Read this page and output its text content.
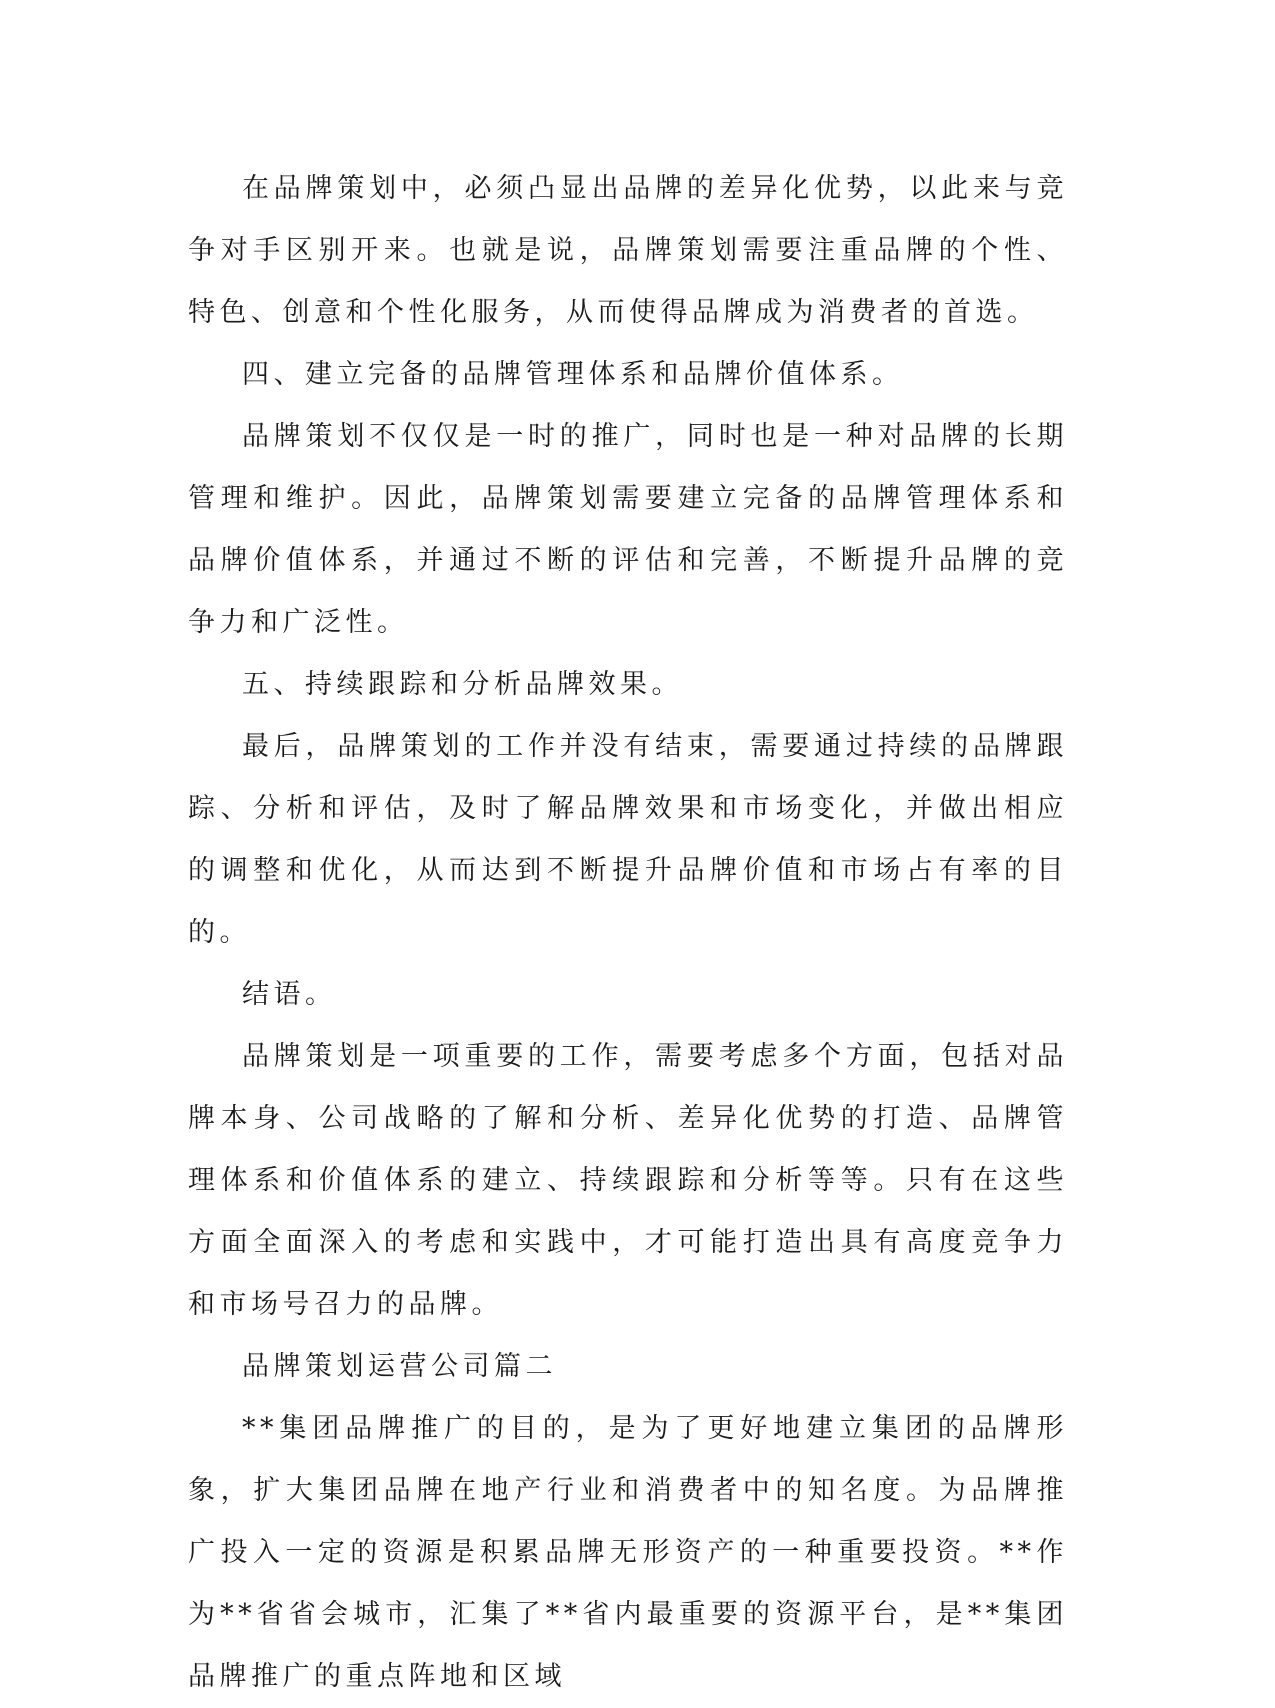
在品牌策划中，必须凸显出品牌的差异化优势，以此来与竞争对手区别开来。也就是说，品牌策划需要注重品牌的个性、特色、创意和个性化服务，从而使得品牌成为消费者的首选。

四、建立完备的品牌管理体系和品牌价值体系。

品牌策划不仅仅是一时的推广，同时也是一种对品牌的长期管理和维护。因此，品牌策划需要建立完备的品牌管理体系和品牌价值体系，并通过不断的评估和完善，不断提升品牌的竞争力和广泛性。

五、持续跟踪和分析品牌效果。

最后，品牌策划的工作并没有结束，需要通过持续的品牌跟踪、分析和评估，及时了解品牌效果和市场变化，并做出相应的调整和优化，从而达到不断提升品牌价值和市场占有率的目的。

结语。

品牌策划是一项重要的工作，需要考虑多个方面，包括对品牌本身、公司战略的了解和分析、差异化优势的打造、品牌管理体系和价值体系的建立、持续跟踪和分析等等。只有在这些方面全面深入的考虑和实践中，才可能打造出具有高度竞争力和市场号召力的品牌。

品牌策划运营公司篇二

**集团品牌推广的目的，是为了更好地建立集团的品牌形象，扩大集团品牌在地产行业和消费者中的知名度。为品牌推广投入一定的资源是积累品牌无形资产的一种重要投资。**作为**省省会城市，汇集了**省内最重要的资源平台，是**集团品牌推广的重点阵地和区域
